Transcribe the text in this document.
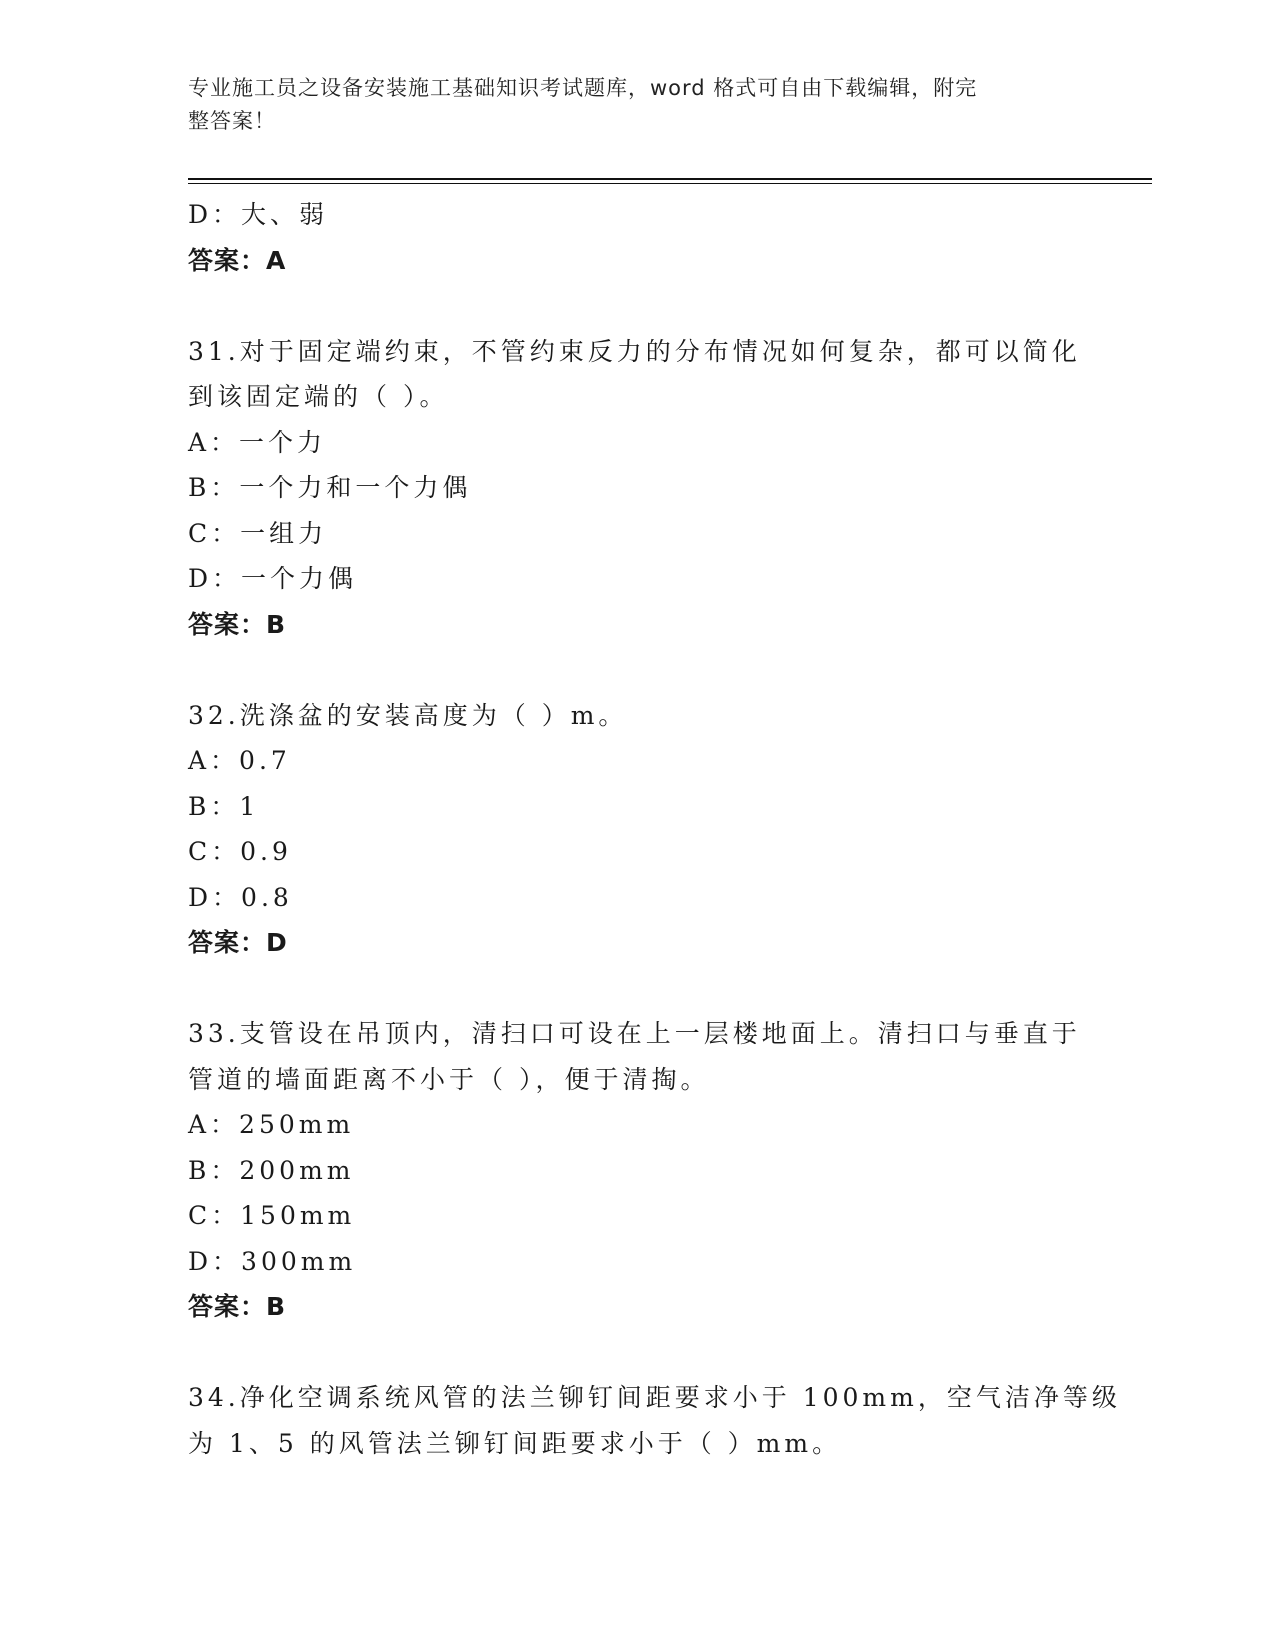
专业施工员之设备安装施工基础知识考试题库，word 格式可自由下载编辑，附完
整答案！
D：大、弱
答案：A
31.对于固定端约束，不管约束反力的分布情况如何复杂，都可以简化
到该固定端的（ ）。
A：一个力
B：一个力和一个力偶
C：一组力
D：一个力偶
答案：B
32.洗涤盆的安装高度为（ ）m。
A：0.7
B：1
C：0.9
D：0.8
答案：D
33.支管设在吊顶内，清扫口可设在上一层楼地面上。清扫口与垂直于
管道的墙面距离不小于（ ），便于清掏。
A：250mm
B：200mm
C：150mm
D：300mm
答案：B
34.净化空调系统风管的法兰铆钉间距要求小于 100mm，空气洁净等级
为 1、5 的风管法兰铆钉间距要求小于（ ）mm。
